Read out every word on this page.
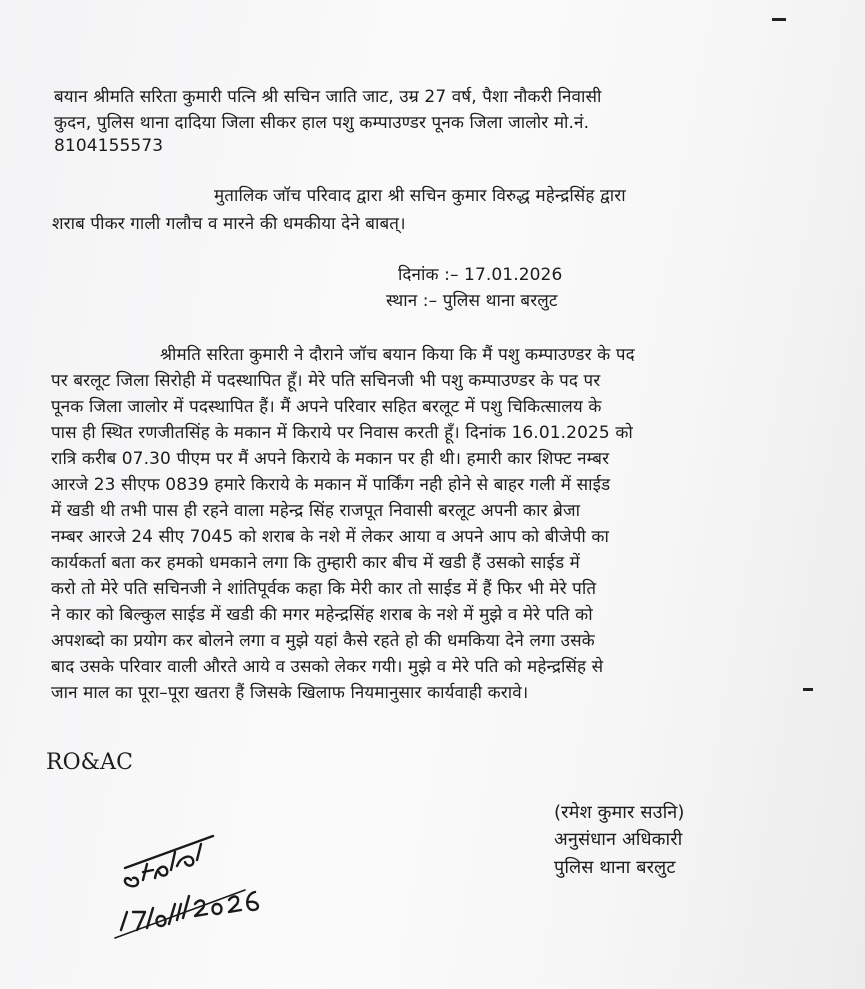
बयान श्रीमति सरिता कुमारी पत्नि श्री सचिन जाति जाट, उम्र 27 वर्ष, पैशा नौकरी निवासी
कुदन, पुलिस थाना दादिया जिला सीकर हाल पशु कम्पाउण्डर पूनक जिला जालोर मो.नं.
8104155573
मुतालिक जॉच परिवाद द्वारा श्री सचिन कुमार विरुद्ध महेन्द्रसिंह द्वारा
शराब पीकर गाली गलौच व मारने की धमकीया देने बाबत्।
दिनांक :– 17.01.2026
स्थान :– पुलिस थाना बरलुट
श्रीमति सरिता कुमारी ने दौराने जॉच बयान किया कि मैं पशु कम्पाउण्डर के पद
पर बरलूट जिला सिरोही में पदस्थापित हूँ। मेरे पति सचिनजी भी पशु कम्पाउण्डर के पद पर
पूनक जिला जालोर में पदस्थापित हैं। मैं अपने परिवार सहित बरलूट में पशु चिकित्सालय के
पास ही स्थित रणजीतसिंह के मकान में किराये पर निवास करती हूँ। दिनांक 16.01.2025 को
रात्रि करीब 07.30 पीएम पर मैं अपने किराये के मकान पर ही थी। हमारी कार शिफ्ट नम्बर
आरजे 23 सीएफ 0839 हमारे किराये के मकान में पार्किंग नही होने से बाहर गली में साईड
में खडी थी तभी पास ही रहने वाला महेन्द्र सिंह राजपूत निवासी बरलूट अपनी कार ब्रेजा
नम्बर आरजे 24 सीए 7045 को शराब के नशे में लेकर आया व अपने आप को बीजेपी का
कार्यकर्ता बता कर हमको धमकाने लगा कि तुम्हारी कार बीच में खडी हैं उसको साईड में
करो तो मेरे पति सचिनजी ने शांतिपूर्वक कहा कि मेरी कार तो साईड में हैं फिर भी मेरे पति
ने कार को बिल्कुल साईड में खडी की मगर महेन्द्रसिंह शराब के नशे में मुझे व मेरे पति को
अपशब्दो का प्रयोग कर बोलने लगा व मुझे यहां कैसे रहते हो की धमकिया देने लगा उसके
बाद उसके परिवार वाली औरते आये व उसको लेकर गयी। मुझे व मेरे पति को महेन्द्रसिंह से
जान माल का पूरा–पूरा खतरा हैं जिसके खिलाफ नियमानुसार कार्यवाही करावे।
RO&AC
(रमेश कुमार सउनि)
अनुसंधान अधिकारी
पुलिस थाना बरलुट
